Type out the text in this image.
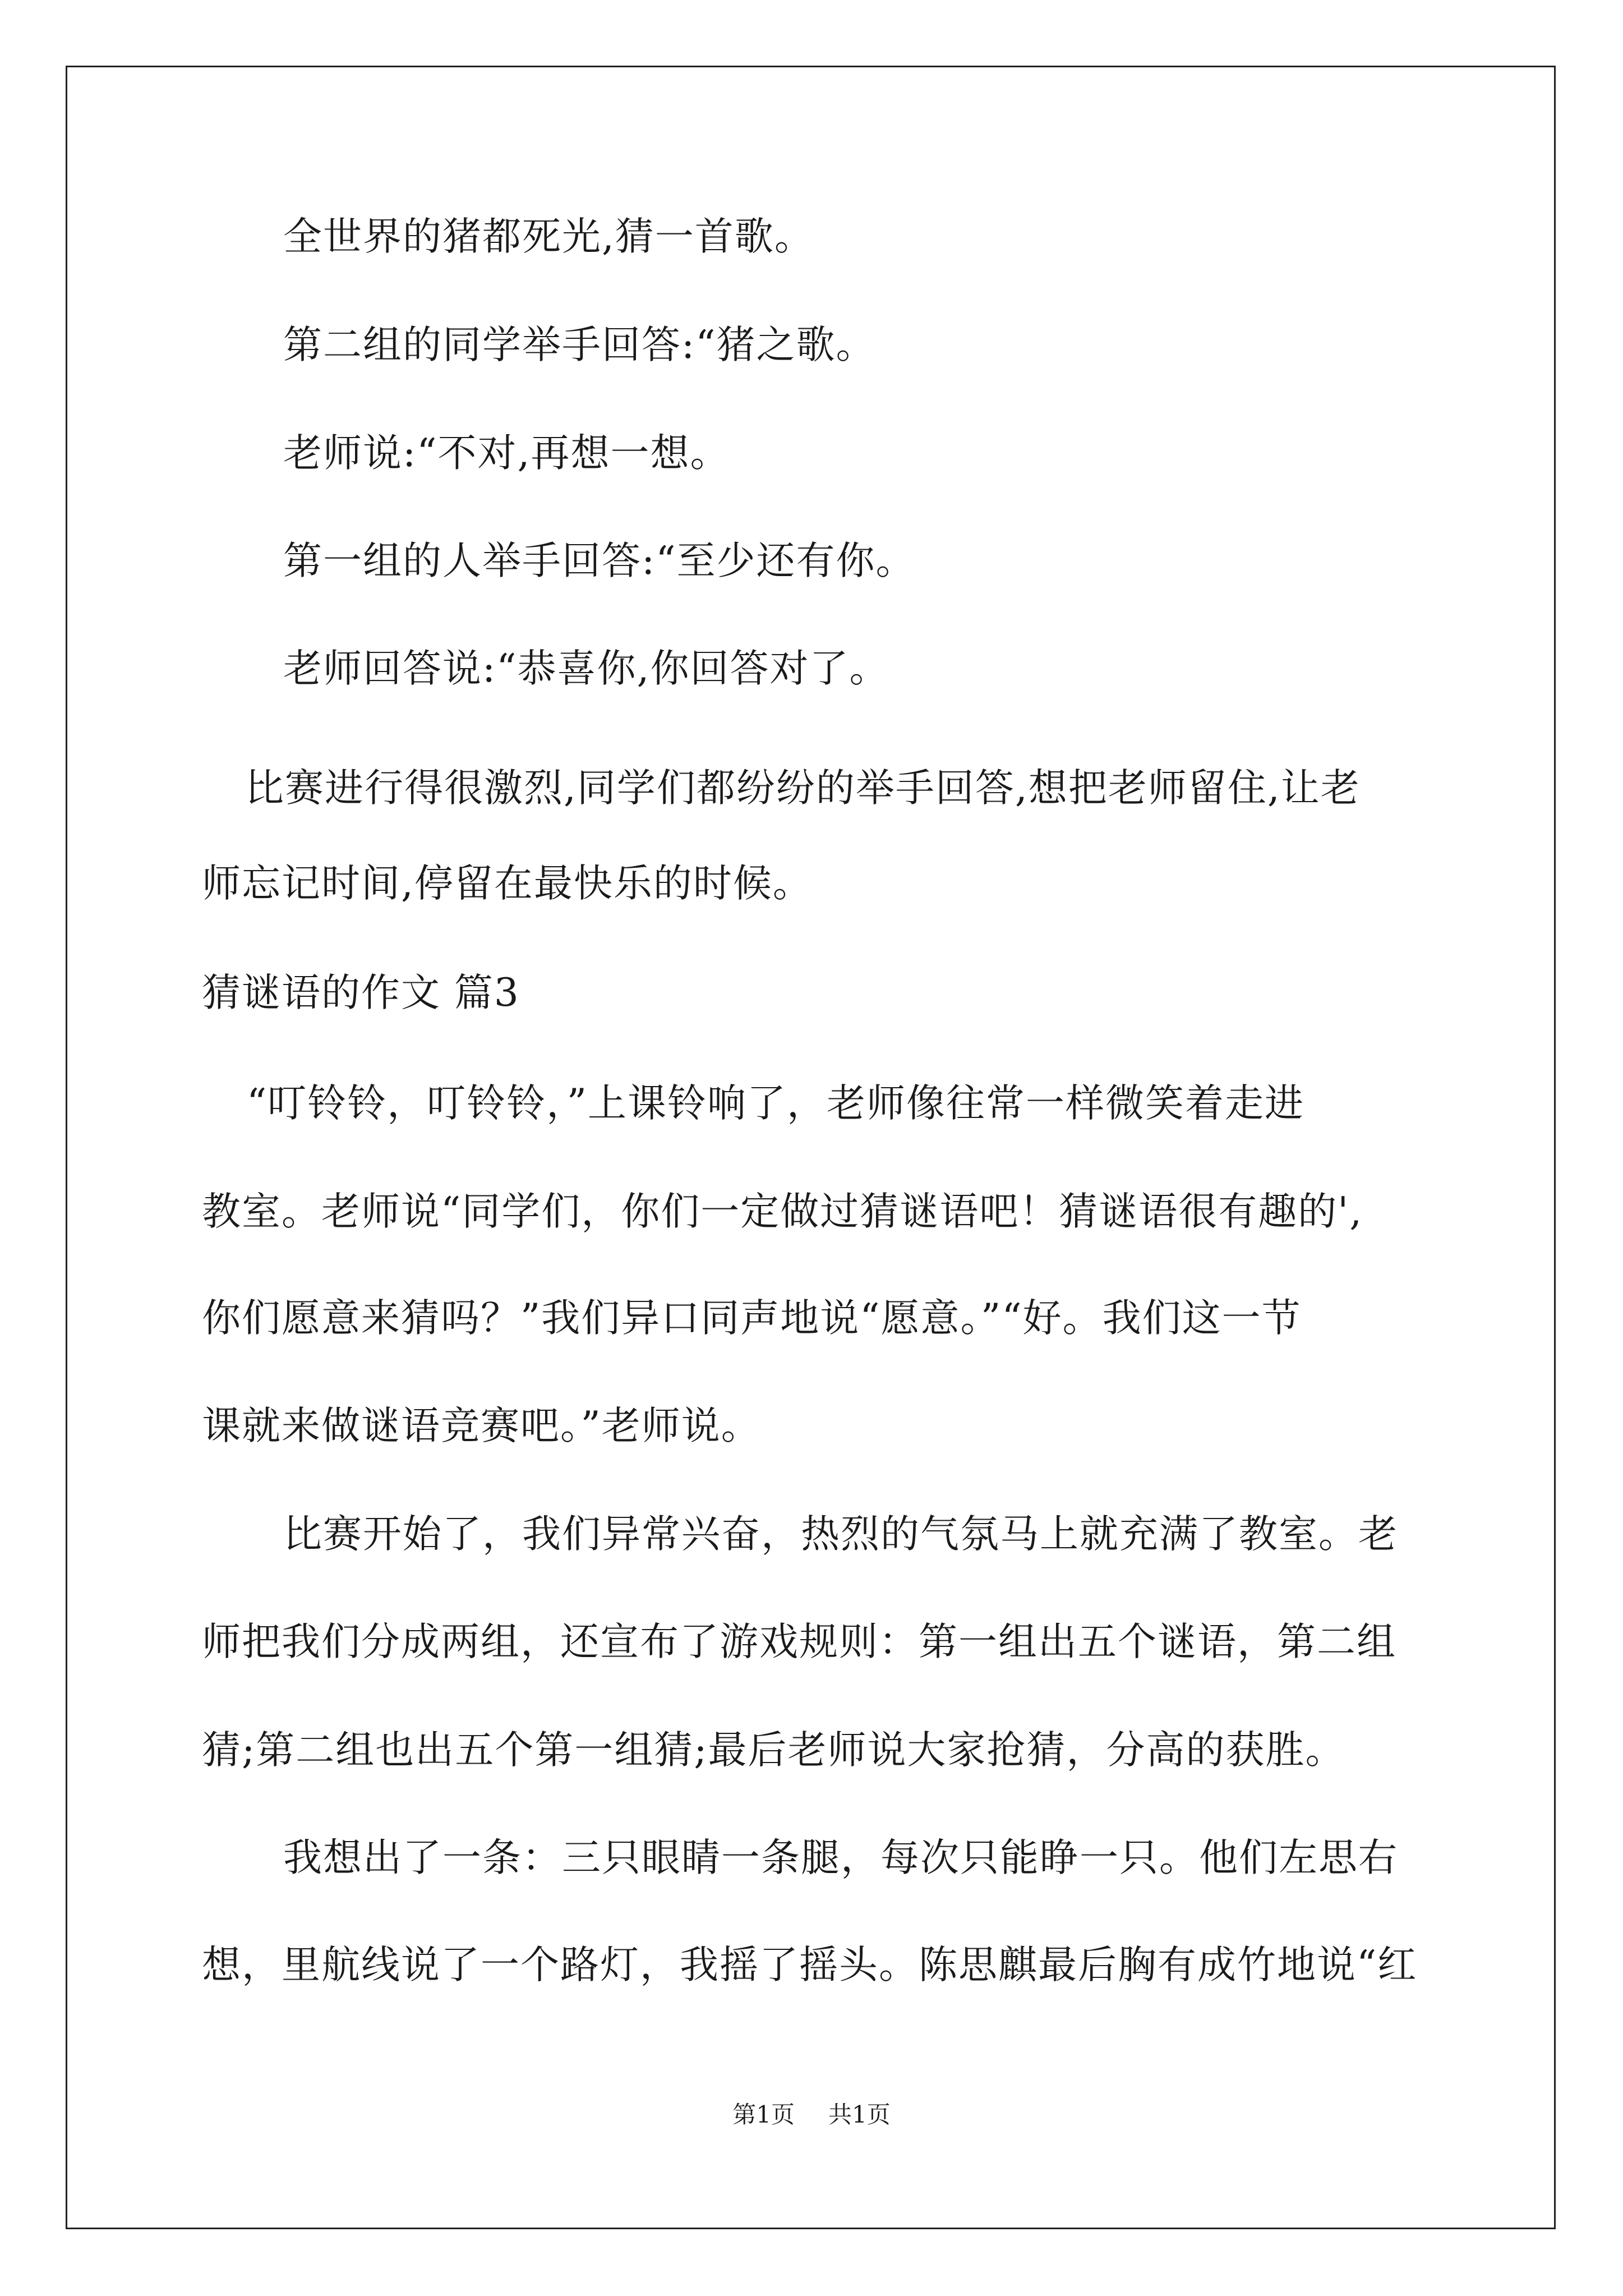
全世界的猪都死光,猜一首歌。
第二组的同学举手回答:“猪之歌。
老师说:“不对,再想一想。
第一组的人举手回答:“至少还有你。
老师回答说:“恭喜你,你回答对了。
比赛进行得很激烈,同学们都纷纷的举手回答,想把老师留住,让老
师忘记时间,停留在最快乐的时候。
猜谜语的作文 篇3
“叮铃铃，叮铃铃，”上课铃响了，老师像往常一样微笑着走进
教室。老师说“同学们，你们一定做过猜谜语吧！猜谜语很有趣的',
你们愿意来猜吗？”我们异口同声地说“愿意。”“好。我们这一节
课就来做谜语竞赛吧。”老师说。
比赛开始了，我们异常兴奋，热烈的气氛马上就充满了教室。老
师把我们分成两组，还宣布了游戏规则：第一组出五个谜语，第二组
猜;第二组也出五个第一组猜;最后老师说大家抢猜，分高的获胜。
我想出了一条：三只眼睛一条腿，每次只能睁一只。他们左思右
想，里航线说了一个路灯，我摇了摇头。陈思麒最后胸有成竹地说“红
第1页 共1页
